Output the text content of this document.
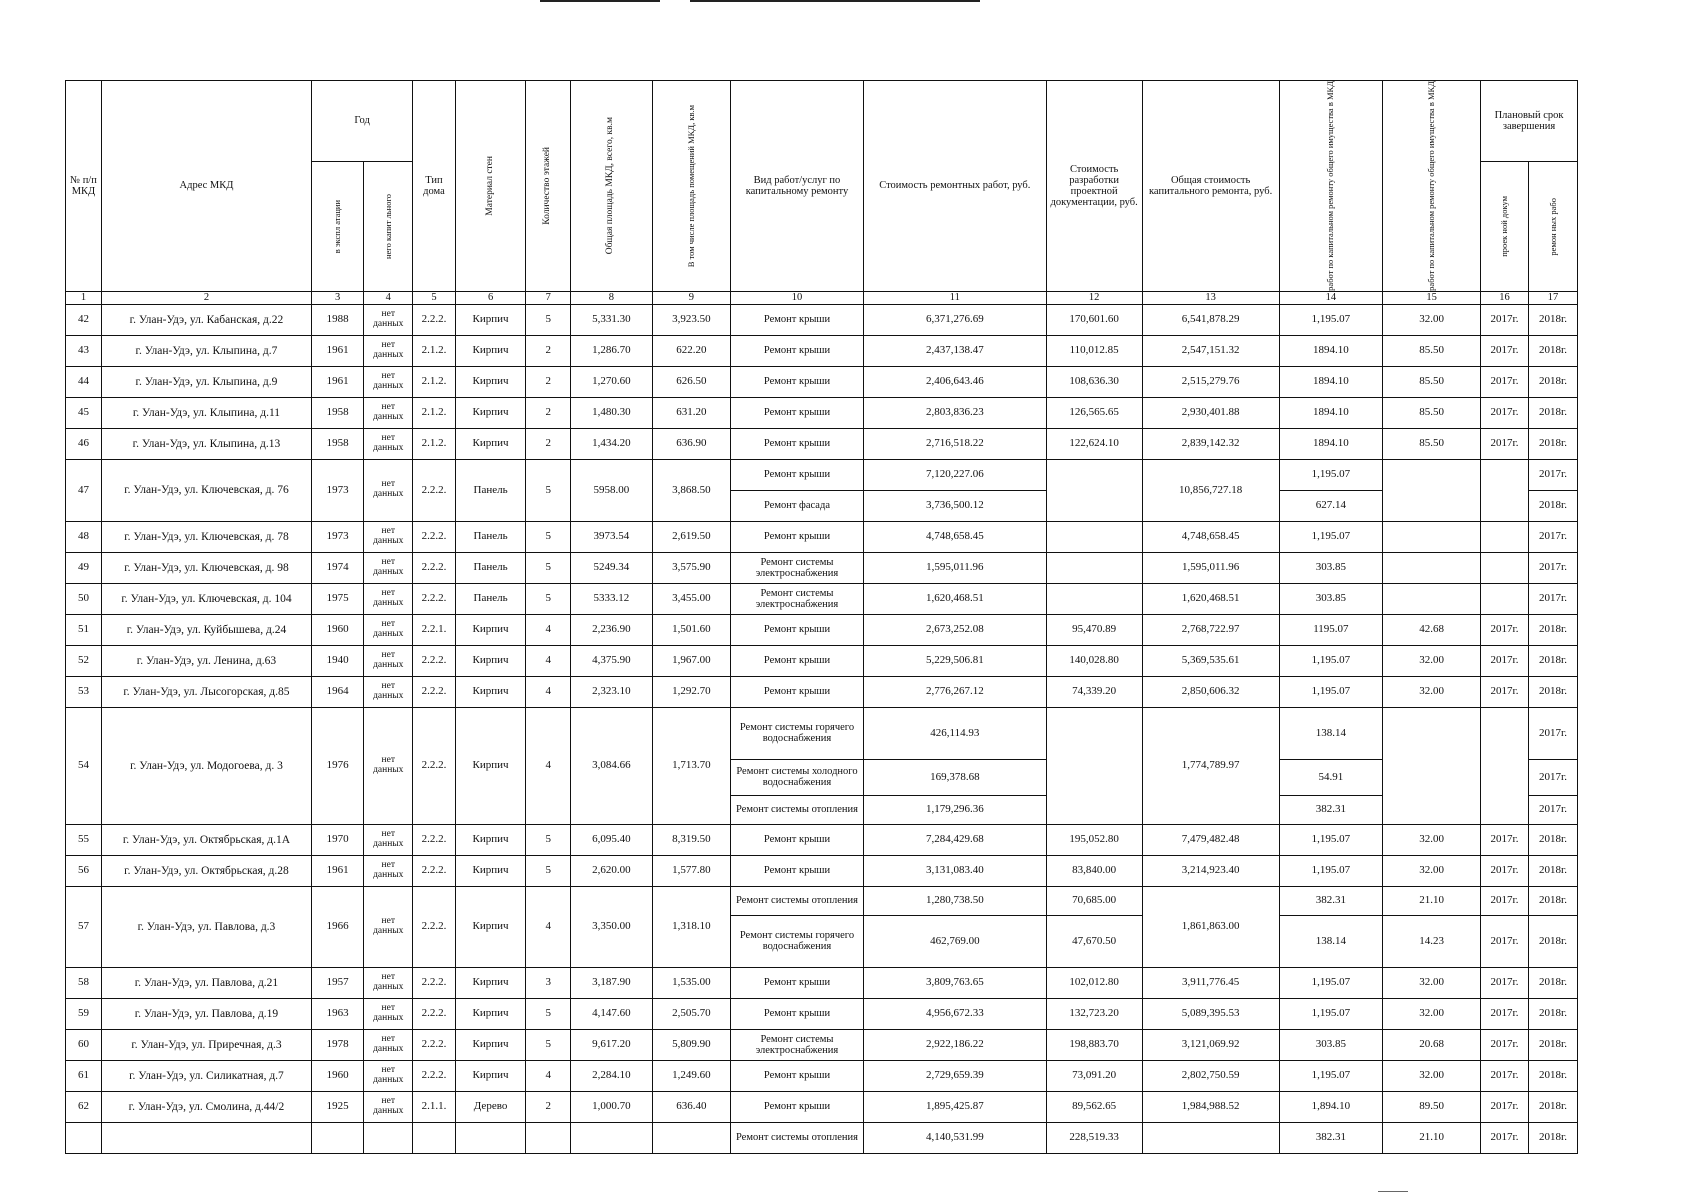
№ п/п МКД	Адрес МКД	Год		Тип дома	Материал стен	Количество этажей	Общая площадь МКД, всего, кв.м	В том числе площадь помещений МКД, кв.м	Вид работ/услуг по капитальному ремонту	Стоимость ремонтных работ, руб.	Стоимость разработки проектной документации, руб.	Общая стоимость капитального ремонта, руб.	работ по капитальном ремонту общего имущества в МКД	работ по капитальном ремонту общего имущества в МКД	Плановый срок завершения	

		в экспл атации	него капит льного												проек ной докум	ремон ных рабо

1	2	3	4	5	6	7	8	9	10	11	12	13	14	15	16	17
42	г. Улан-Удэ, ул. Кабанская, д.22	1988	нет данных	2.2.2.	Кирпич	5	5,331.30	3,923.50	Ремонт крыши	6,371,276.69	170,601.60	6,541,878.29	1,195.07	32.00	2017г.	2018г.
43	г. Улан-Удэ, ул. Клыпина, д.7	1961	нет данных	2.1.2.	Кирпич	2	1,286.70	622.20	Ремонт крыши	2,437,138.47	110,012.85	2,547,151.32	1894.10	85.50	2017г.	2018г.
44	г. Улан-Удэ, ул. Клыпина, д.9	1961	нет данных	2.1.2.	Кирпич	2	1,270.60	626.50	Ремонт крыши	2,406,643.46	108,636.30	2,515,279.76	1894.10	85.50	2017г.	2018г.
45	г. Улан-Удэ, ул. Клыпина, д.11	1958	нет данных	2.1.2.	Кирпич	2	1,480.30	631.20	Ремонт крыши	2,803,836.23	126,565.65	2,930,401.88	1894.10	85.50	2017г.	2018г.
46	г. Улан-Удэ, ул. Клыпина, д.13	1958	нет данных	2.1.2.	Кирпич	2	1,434.20	636.90	Ремонт крыши	2,716,518.22	122,624.10	2,839,142.32	1894.10	85.50	2017г.	2018г.
47	г. Улан-Удэ, ул. Ключевская, д. 76	1973	нет данных	2.2.2.	Панель	5	5958.00	3,868.50	Ремонт крыши	7,120,227.06		10,856,727.18	1,195.07			2017г.
									Ремонт фасада	3,736,500.12			627.14			2018г.
48	г. Улан-Удэ, ул. Ключевская, д. 78	1973	нет данных	2.2.2.	Панель	5	3973.54	2,619.50	Ремонт крыши	4,748,658.45		4,748,658.45	1,195.07			2017г.
49	г. Улан-Удэ, ул. Ключевская, д. 98	1974	нет данных	2.2.2.	Панель	5	5249.34	3,575.90	Ремонт системы электроснабжения	1,595,011.96		1,595,011.96	303.85			2017г.
50	г. Улан-Удэ, ул. Ключевская, д. 104	1975	нет данных	2.2.2.	Панель	5	5333.12	3,455.00	Ремонт системы электроснабжения	1,620,468.51		1,620,468.51	303.85			2017г.
51	г. Улан-Удэ, ул. Куйбышева, д.24	1960	нет данных	2.2.1.	Кирпич	4	2,236.90	1,501.60	Ремонт крыши	2,673,252.08	95,470.89	2,768,722.97	1195.07	42.68	2017г.	2018г.
52	г. Улан-Удэ, ул. Ленина, д.63	1940	нет данных	2.2.2.	Кирпич	4	4,375.90	1,967.00	Ремонт крыши	5,229,506.81	140,028.80	5,369,535.61	1,195.07	32.00	2017г.	2018г.
53	г. Улан-Удэ, ул. Лысогорская, д.85	1964	нет данных	2.2.2.	Кирпич	4	2,323.10	1,292.70	Ремонт крыши	2,776,267.12	74,339.20	2,850,606.32	1,195.07	32.00	2017г.	2018г.
54	г. Улан-Удэ, ул. Модогоева, д. 3	1976	нет данных	2.2.2.	Кирпич	4	3,084.66	1,713.70	Ремонт системы горячего водоснабжения	426,114.93		1,774,789.97	138.14			2017г.
									Ремонт системы холодного водоснабжения	169,378.68			54.91			2017г.
									Ремонт системы отопления	1,179,296.36			382.31			2017г.
55	г. Улан-Удэ, ул. Октябрьская, д.1А	1970	нет данных	2.2.2.	Кирпич	5	6,095.40	8,319.50	Ремонт крыши	7,284,429.68	195,052.80	7,479,482.48	1,195.07	32.00	2017г.	2018г.
56	г. Улан-Удэ, ул. Октябрьская, д.28	1961	нет данных	2.2.2.	Кирпич	5	2,620.00	1,577.80	Ремонт крыши	3,131,083.40	83,840.00	3,214,923.40	1,195.07	32.00	2017г.	2018г.
57	г. Улан-Удэ, ул. Павлова, д.3	1966	нет данных	2.2.2.	Кирпич	4	3,350.00	1,318.10	Ремонт системы отопления	1,280,738.50	70,685.00	1,861,863.00	382.31	21.10	2017г.	2018г.
									Ремонт системы горячего водоснабжения	462,769.00	47,670.50		138.14	14.23	2017г.	2018г.
58	г. Улан-Удэ, ул. Павлова, д.21	1957	нет данных	2.2.2.	Кирпич	3	3,187.90	1,535.00	Ремонт крыши	3,809,763.65	102,012.80	3,911,776.45	1,195.07	32.00	2017г.	2018г.
59	г. Улан-Удэ, ул. Павлова, д.19	1963	нет данных	2.2.2.	Кирпич	5	4,147.60	2,505.70	Ремонт крыши	4,956,672.33	132,723.20	5,089,395.53	1,195.07	32.00	2017г.	2018г.
60	г. Улан-Удэ, ул. Приречная, д.3	1978	нет данных	2.2.2.	Кирпич	5	9,617.20	5,809.90	Ремонт системы электроснабжения	2,922,186.22	198,883.70	3,121,069.92	303.85	20.68	2017г.	2018г.
61	г. Улан-Удэ, ул. Силикатная, д.7	1960	нет данных	2.2.2.	Кирпич	4	2,284.10	1,249.60	Ремонт крыши	2,729,659.39	73,091.20	2,802,750.59	1,195.07	32.00	2017г.	2018г.
62	г. Улан-Удэ, ул. Смолина, д.44/2	1925	нет данных	2.1.1.	Дерево	2	1,000.70	636.40	Ремонт крыши	1,895,425.87	89,562.65	1,984,988.52	1,894.10	89.50	2017г.	2018г.
									Ремонт системы отопления	4,140,531.99	228,519.33		382.31	21.10	2017г.	2018г.
